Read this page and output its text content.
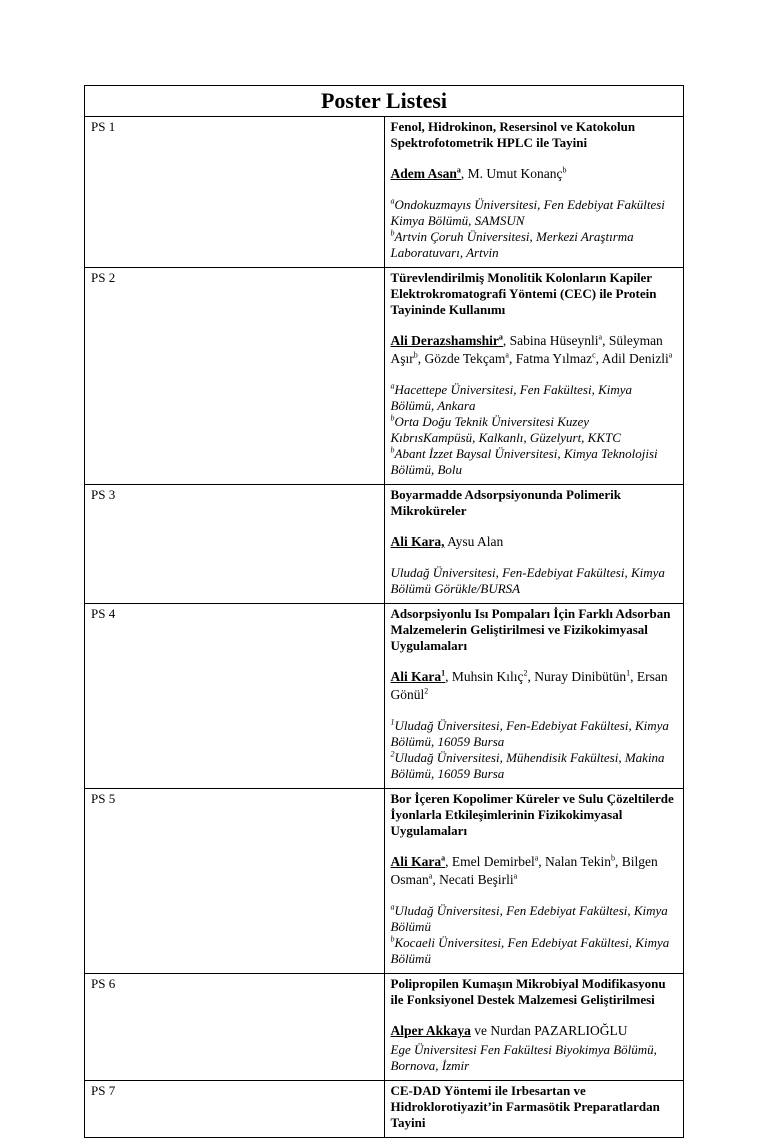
Poster Listesi	
PS 1	Fenol, Hidrokinon, Resersinol ve Katokolun Spektrofotometrik HPLC ile Tayini
Adem Asan$^a$, M. Umut Konanç$^b$
$^a$Ondokuzmayıs Üniversitesi, Fen Edebiyat Fakültesi Kimya Bölümü, SAMSUN
$^b$Artvin Çoruh Üniversitesi, Merkezi Araştırma Laboratuvarı, Artvin

PS 2	Türevlendirilmiş Monolitik Kolonların Kapiler Elektrokromatografi Yöntemi (CEC) ile Protein Tayininde Kullanımı
Ali Derazshamshir$^a$, Sabina Hüseynli$^a$, Süleyman Aşır$^b$, Gözde Tekçam$^a$, Fatma Yılmaz$^c$, Adil Denizli$^a$
$^a$Hacettepe Üniversitesi, Fen Fakültesi, Kimya Bölümü, Ankara
$^b$Orta Doğu Teknik Üniversitesi Kuzey KıbrısKampüsü, Kalkanlı, Güzelyurt, KKTC
$^b$Abant İzzet Baysal Üniversitesi, Kimya Teknolojisi Bölümü, Bolu

PS 3	Boyarmadde Adsorpsiyonunda Polimerik Mikroküreler
Ali Kara, Aysu Alan
Uludağ Üniversitesi, Fen-Edebiyat Fakültesi, Kimya Bölümü Görükle/BURSA

PS 4	Adsorpsiyonlu Isı Pompaları İçin Farklı Adsorban Malzemelerin Geliştirilmesi ve Fizikokimyasal Uygulamaları
Ali Kara$^1$, Muhsin Kılıç$^2$, Nuray Dinibütün$^1$, Ersan Gönül$^2$
$^1$Uludağ Üniversitesi, Fen-Edebiyat Fakültesi, Kimya Bölümü, 16059 Bursa
$^2$Uludağ Üniversitesi, Mühendisik Fakültesi, Makina Bölümü, 16059 Bursa

PS 5	Bor İçeren Kopolimer Küreler ve Sulu Çözeltilerde İyonlarla Etkileşimlerinin Fizikokimyasal Uygulamaları
Ali Kara$^a$, Emel Demirbel$^a$, Nalan Tekin$^b$, Bilgen Osman$^a$, Necati Beşirli$^a$
$^a$Uludağ Üniversitesi, Fen Edebiyat Fakültesi, Kimya Bölümü
$^b$Kocaeli Üniversitesi, Fen Edebiyat Fakültesi, Kimya Bölümü

PS 6	Polipropilen Kumaşın Mikrobiyal Modifikasyonu ile Fonksiyonel Destek Malzemesi Geliştirilmesi
Alper Akkaya ve Nurdan PAZARLIOĞLU
Ege Üniversitesi Fen Fakültesi Biyokimya Bölümü, Bornova, İzmir

PS 7	CE-DAD Yöntemi ile Irbesartan ve Hidroklorotiyazit’in Farmasötik Preparatlardan Tayini
